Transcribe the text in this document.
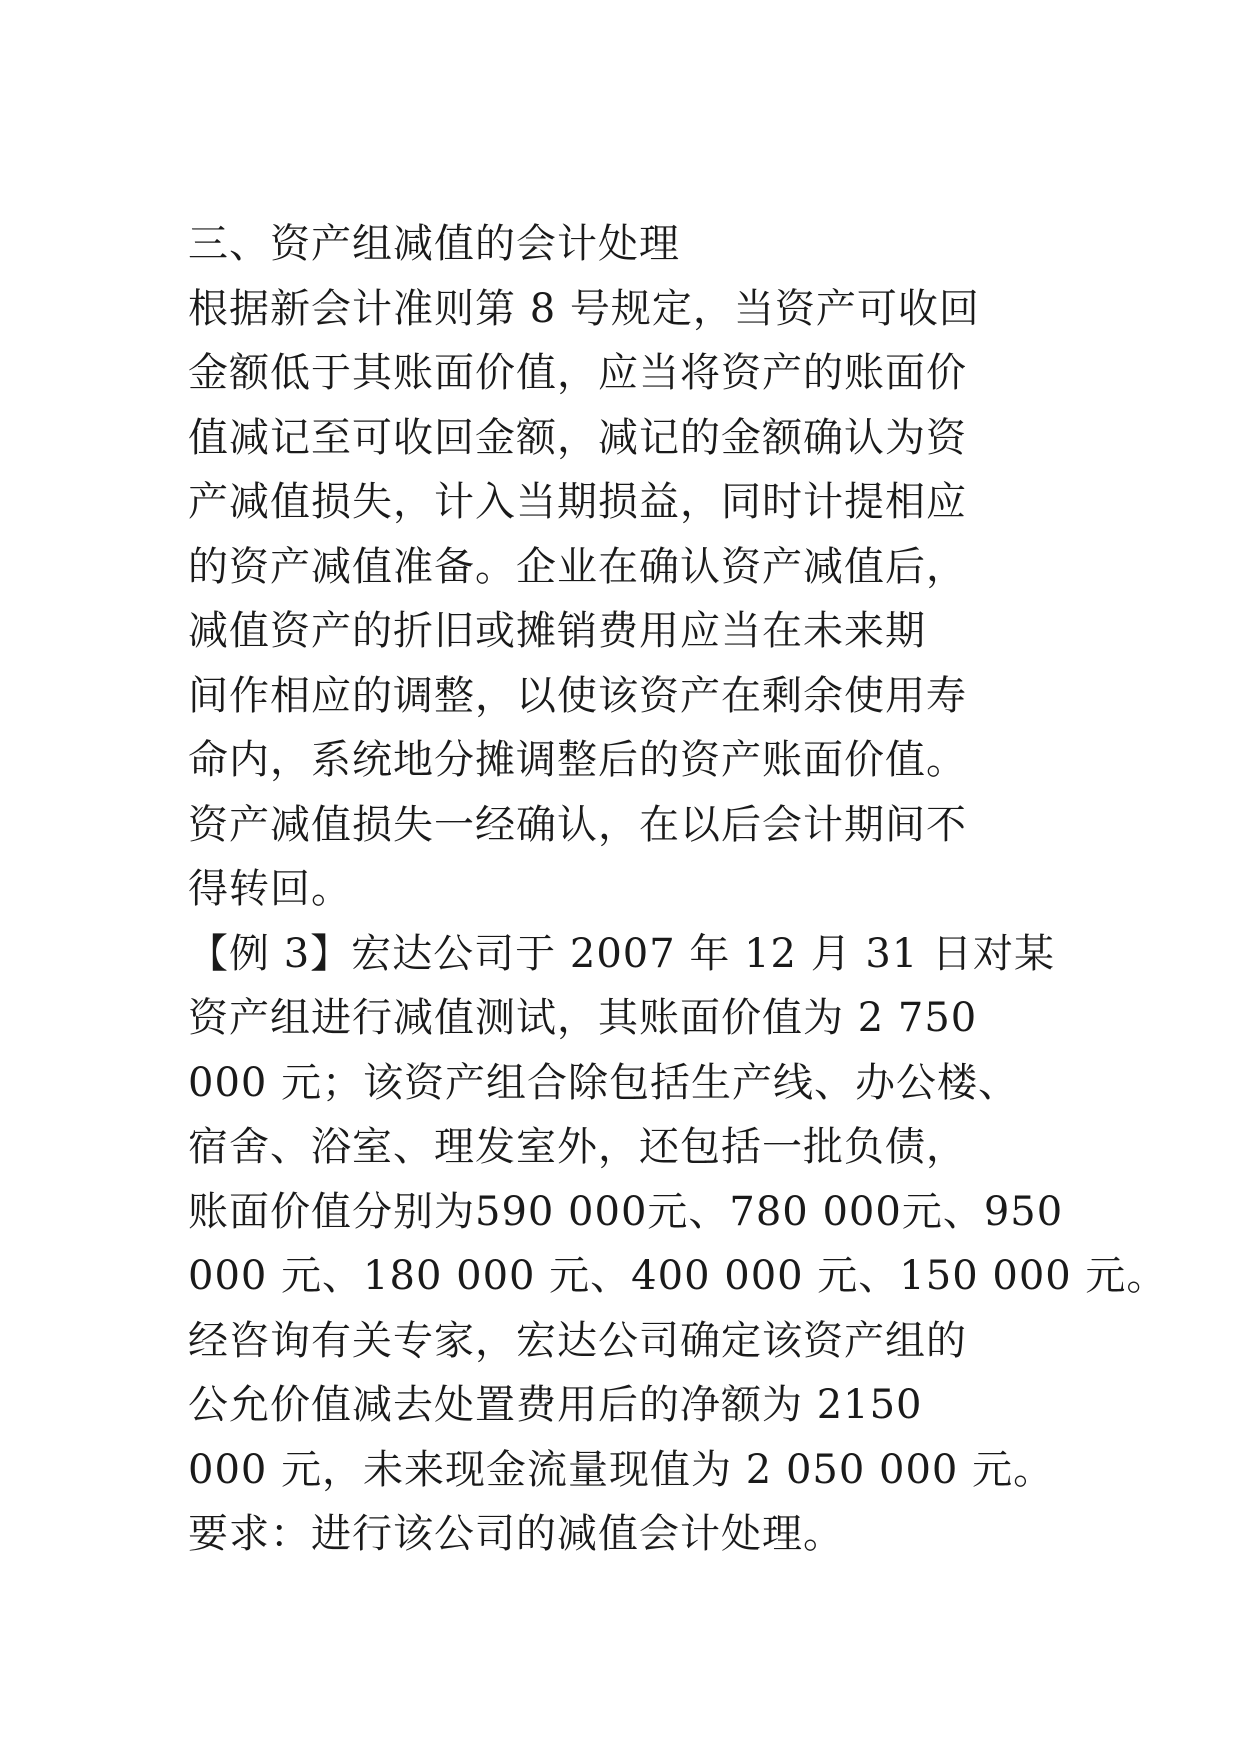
三、资产组减值的会计处理
根据新会计准则第 8 号规定，当资产可收回
金额低于其账面价值，应当将资产的账面价
值减记至可收回金额，减记的金额确认为资
产减值损失，计入当期损益，同时计提相应
的资产减值准备。企业在确认资产减值后，
减值资产的折旧或摊销费用应当在未来期
间作相应的调整，以使该资产在剩余使用寿
命内，系统地分摊调整后的资产账面价值。
资产减值损失一经确认，在以后会计期间不
得转回。
【例 3】宏达公司于 2007 年 12 月 31 日对某
资产组进行减值测试，其账面价值为 2 750
000 元；该资产组合除包括生产线、办公楼、
宿舍、浴室、理发室外，还包括一批负债，
账面价值分别为590 000元、780 000元、950
000 元、180 000 元、400 000 元、150 000 元。
经咨询有关专家，宏达公司确定该资产组的
公允价值减去处置费用后的净额为 2150
000 元，未来现金流量现值为 2 050 000 元。
要求：进行该公司的减值会计处理。
